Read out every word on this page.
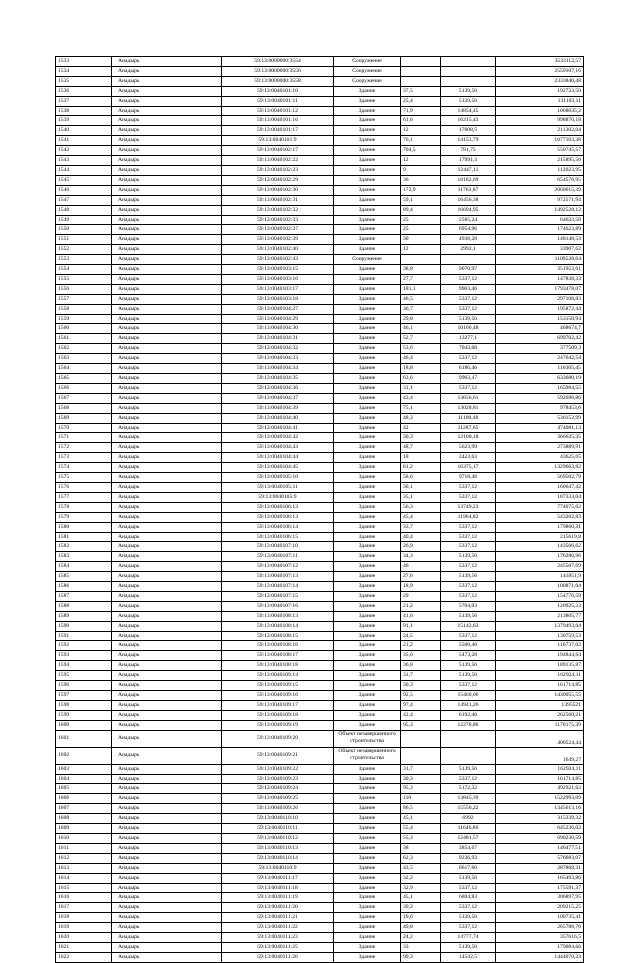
1533	Анадырь	59:13:0000000:3554	Сооружение			3533112,57
1534	Анадырь	59:13:0000000:3556	Сооружение			2559107,16
1535	Анадырь	59:13:0000000:3558	Сооружение			2333840,48
1536	Анадырь	59:13:0040101:10	Здание	37,5	5139,56	192733,50
1537	Анадырь	59:13:0040101:11	Здание	25,4	5139,56	131103,11
1538	Анадырь	59:13:0040101:12	Здание	71,9	14854,45	1068035,2
1539	Анадырь	59:13:0040101:16	Здание	61,6	16215,43	998870,18
1540	Анадырь	59:13:0040101:17	Здание	12	17608,5	211302,04
1541	Анадырь	59:13:0040101:9	Здание	76,1	14153,79	1077103,38
1542	Анадырь	59:13:0040102:17	Здание	704,5	781,75	550745,57
1543	Анадырь	59:13:0040102:22	Здание	12	17991,3	215895,56
1544	Анадырь	59:13:0040102:23	Здание	9	12447,11	112023,95
1545	Анадырь	59:13:0040102:29	Здание	36	18182,69	654576,95
1546	Анадырь	59:13:0040102:30	Здание	172,9	11762,87	2060615,39
1547	Анадырь	59:13:0040102:31	Здание	59,1	16456,38	972571,94
1548	Анадырь	59:13:0040102:32	Здание	89,4	16694,95	1492528,12
1549	Анадырь	59:13:0040102:33	Здание	25	2585,24	64633,58
1550	Анадырь	59:13:0040102:37	Здание	25	6954,96	174623,89
1551	Анадырь	59:13:0040102:39	Здание	30	4938,28	148148,53
1552	Анадырь	59:13:0040102:40	Здание	12	2992,1	33907,62
1553	Анадырь	59:13:0040102:43	Сооружение			1109528,64
1554	Анадырь	59:13:0040103:15	Здание	38,8	9070,97	351953,61
1555	Анадырь	59:13:0040103:16	Здание	27,7	5337,12	147838,33
1556	Анадырь	59:13:0040103:17	Здание	181,1	9903,46	1793478,07
1557	Анадырь	59:13:0040103:18	Здание	46,5	5337,12	297108,83
1558	Анадырь	59:13:0040104:27	Здание	36,7	5337,12	195872,44
1559	Анадырь	59:13:0040104:29	Здание	29,8	5139,56	153158,94
1560	Анадырь	59:13:0040104:30	Здание	46,1	10166,48	468674,7
1561	Анадырь	59:13:0040104:31	Здание	52,7	13277,1	699702,42
1562	Анадырь	59:13:0040104:32	Здание	53,6	7043,08	377509,3
1563	Анадырь	59:13:0040104:33	Здание	46,4	5337,12	247642,54
1564	Анадырь	59:13:0040104:34	Здание	18,8	6186,46	116305,45
1565	Анадырь	59:13:0040104:35	Здание	63,6	9963,47	633680,19
1566	Анадырь	59:13:0040104:36	Здание	31,1	5337,12	165984,55
1567	Анадырь	59:13:0040104:37	Здание	43,4	13656,61	592696,86
1568	Анадырь	59:13:0040104:39	Здание	75,1	13028,81	978453,6
1569	Анадырь	59:13:0040104:40	Здание	48,3	11100,48	536152,99
1570	Анадырь	59:13:0040104:41	Здание	42	11287,65	474081,13
1571	Анадырь	59:13:0040104:42	Здание	30,3	12100,18	366635,35
1572	Анадырь	59:13:0040104:43	Здание	48,7	5623,99	273889,91
1573	Анадырь	59:13:0040104:44	Здание	18	2423,63	43625,65
1574	Анадырь	59:13:0040104:45	Здание	81,2	16375,17	1329663,82
1575	Анадырь	59:13:0040105:10	Здание	58,6	9718,48	569502,79
1576	Анадырь	59:13:0040105:11	Здание	30,1	5337,12	160647,42
1577	Анадырь	59:13:0040105:9	Здание	35,1	5337,12	187333,04
1578	Анадырь	59:13:0040106:13	Здание	56,3	13749,23	774075,62
1579	Анадырь	59:13:0040106:13	Здание	45,4	11964,82	543202,83
1580	Анадырь	59:13:0040106:14	Здание	33,7	5337,12	179860,31
1581	Анадырь	59:13:0040106:15	Здание	40,4	5337,12	215619,8
1582	Анадырь	59:13:0040107:10	Здание	26,9	5337,12	143566,62
1583	Анадырь	59:13:0040107:11	Здание	34,3	5139,56	176286,96
1584	Анадырь	59:13:0040107:12	Здание	46	5337,12	245507,69
1585	Анадырь	59:13:0040107:13	Здание	27,6	5139,56	141851,9
1586	Анадырь	59:13:0040107:14	Здание	18,9	5337,12	100871,64
1587	Анадырь	59:13:0040107:15	Здание	29	5337,12	154776,59
1588	Анадырь	59:13:0040107:16	Здание	21,2	5704,03	120925,33
1589	Анадырь	59:13:0040108:13	Здание	41,6	5139,56	213805,77
1590	Анадырь	59:13:0040108:14	Здание	91,1	15142,63	1379493,64
1591	Анадырь	59:13:0040108:15	Здание	24,5	5337,12	130759,53
1592	Анадырь	59:13:0040108:16	Здание	21,2	5506,46	116737,02
1593	Анадырь	59:13:0040108:17	Здание	35,6	5473,28	194844,64
1594	Анадырь	59:13:0040108:18	Здание	36,8	5139,56	189135,87
1595	Анадырь	59:13:0040109:14	Здание	31,7	5139,56	162924,11
1596	Анадырь	59:13:0040109:15	Здание	30,3	5337,12	161714,85
1597	Анадырь	59:13:0040109:16	Здание	92,5	15460,06	1430055,55
1598	Анадырь	59:13:0040109:17	Здание	97,4	14941,26	1395521
1599	Анадырь	59:13:0040109:18	Здание	42,4	6192,46	262560,21
1600	Анадырь	59:13:0040109:19	Здание	95,3	12278,86	1170175,39
1601	Анадырь	59:13:0040109:20	Объект незавершенного строительства			400524,44
1602	Анадырь	59:13:0040109:21	Объект незавершенного строительства			1649,27
1603	Анадырь	59:13:0040109:22	Здание	31,7	5139,56	162924,11
1604	Анадырь	59:13:0040109:23	Здание	30,3	5337,12	161714,85
1605	Анадырь	59:13:0040109:24	Здание	95,3	5172,32	492921,62
1606	Анадырь	59:13:0040109:25	Здание	110	13845,39	1522993,09
1607	Анадырь	59:13:0040109:26	Здание	86,5	15556,22	1345613,16
1608	Анадырь	59:13:0040110:10	Здание	45,1	6992	315339,32
1609	Анадырь	59:13:0040110:11	Здание	55,4	11646,86	645236,02
1610	Анадырь	59:13:0040110:12	Здание	55,3	12481,57	690230,59
1611	Анадырь	59:13:0040110:13	Здание	38	3854,67	146477,51
1612	Анадырь	59:13:0040110:14	Здание	62,3	9226,93	576683,07
1613	Анадырь	59:13:0040110:9	Здание	43,5	6617,66	287868,31
1614	Анадырь	59:13:0040111:17	Здание	32,2	5139,56	165493,86
1615	Анадырь	59:13:0040111:18	Здание	32,9	5337,12	175591,37
1616	Анадырь	59:13:0040111:19	Здание	45,1	6804,83	306897,95
1617	Анадырь	59:13:0040111:20	Здание	39,2	5337,12	209215,25
1618	Анадырь	59:13:0040111:21	Здание	19,6	5139,56	100735,41
1619	Анадырь	59:13:0040111:22	Здание	49,8	5337,12	265788,76
1620	Анадырь	59:13:0040111:23	Здание	24,2	14777,74	357616,5
1621	Анадырь	59:13:0040111:25	Здание	33	5139,56	179084,66
1622	Анадырь	59:13:0040111:26	Здание	99,3	14542,5	1444070,23
